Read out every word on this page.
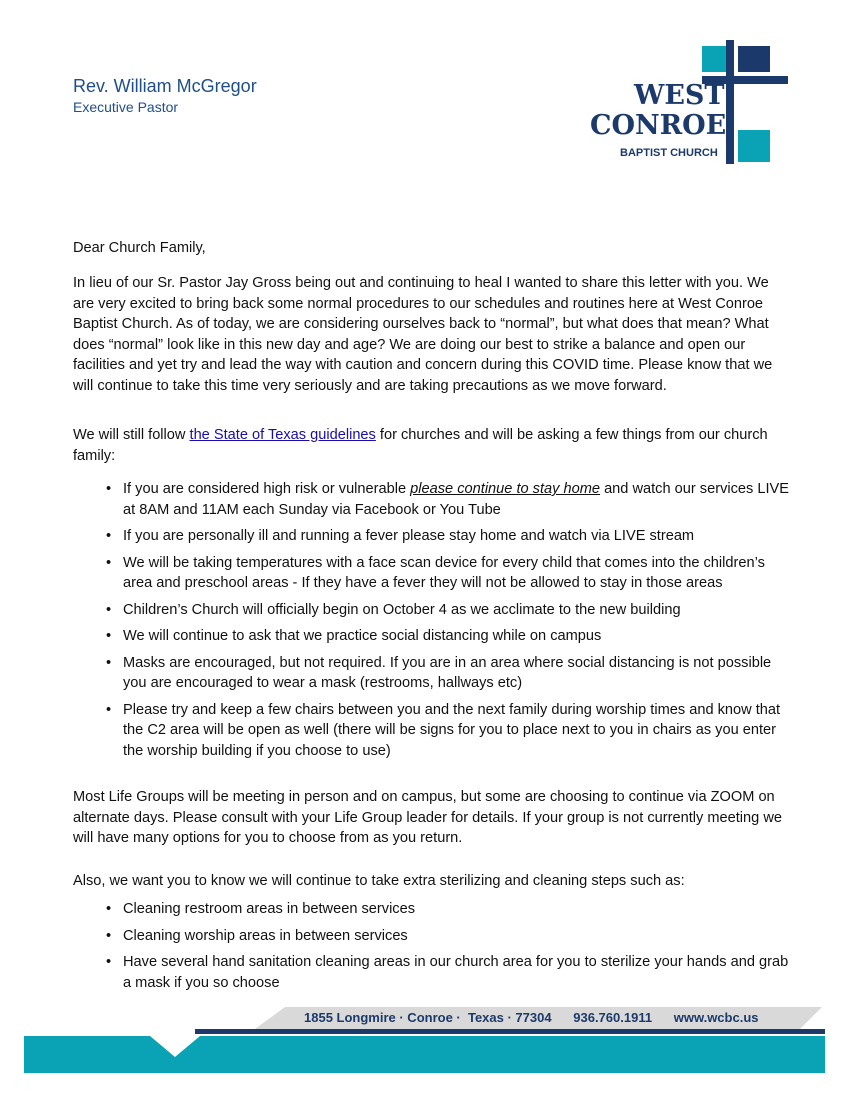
Rev. William McGregor
Executive Pastor	WEST
CONROE
BAPTIST CHURCH
Dear Church Family,
In lieu of our Sr. Pastor Jay Gross being out and continuing to heal I wanted to share this letter with you. We are very excited to bring back some normal procedures to our schedules and routines here at West Conroe Baptist Church. As of today, we are considering ourselves back to “normal”, but what does that mean? What does “normal” look like in this new day and age? We are doing our best to strike a balance and open our facilities and yet try and lead the way with caution and concern during this COVID time. Please know that we will continue to take this time very seriously and are taking precautions as we move forward.
We will still follow the State of Texas guidelines for churches and will be asking a few things from our church family:
• If you are considered high risk or vulnerable please continue to stay home and watch our services LIVE at 8AM and 11AM each Sunday via Facebook or You Tube
• If you are personally ill and running a fever please stay home and watch via LIVE stream
• We will be taking temperatures with a face scan device for every child that comes into the children’s area and preschool areas - If they have a fever they will not be allowed to stay in those areas
• Children’s Church will officially begin on October 4 as we acclimate to the new building
• We will continue to ask that we practice social distancing while on campus
• Masks are encouraged, but not required. If you are in an area where social distancing is not possible you are encouraged to wear a mask (restrooms, hallways etc)
• Please try and keep a few chairs between you and the next family during worship times and know that the C2 area will be open as well (there will be signs for you to place next to you in chairs as you enter the worship building if you choose to use)
Most Life Groups will be meeting in person and on campus, but some are choosing to continue via ZOOM on alternate days. Please consult with your Life Group leader for details. If your group is not currently meeting we will have many options for you to choose from as you return.
Also, we want you to know we will continue to take extra sterilizing and cleaning steps such as:
• Cleaning restroom areas in between services
• Cleaning worship areas in between services
• Have several hand sanitation cleaning areas in our church area for you to sterilize your hands and grab a mask if you so choose
1855 Longmire · Conroe ·  Texas · 77304 936.760.1911 www.wcbc.us
